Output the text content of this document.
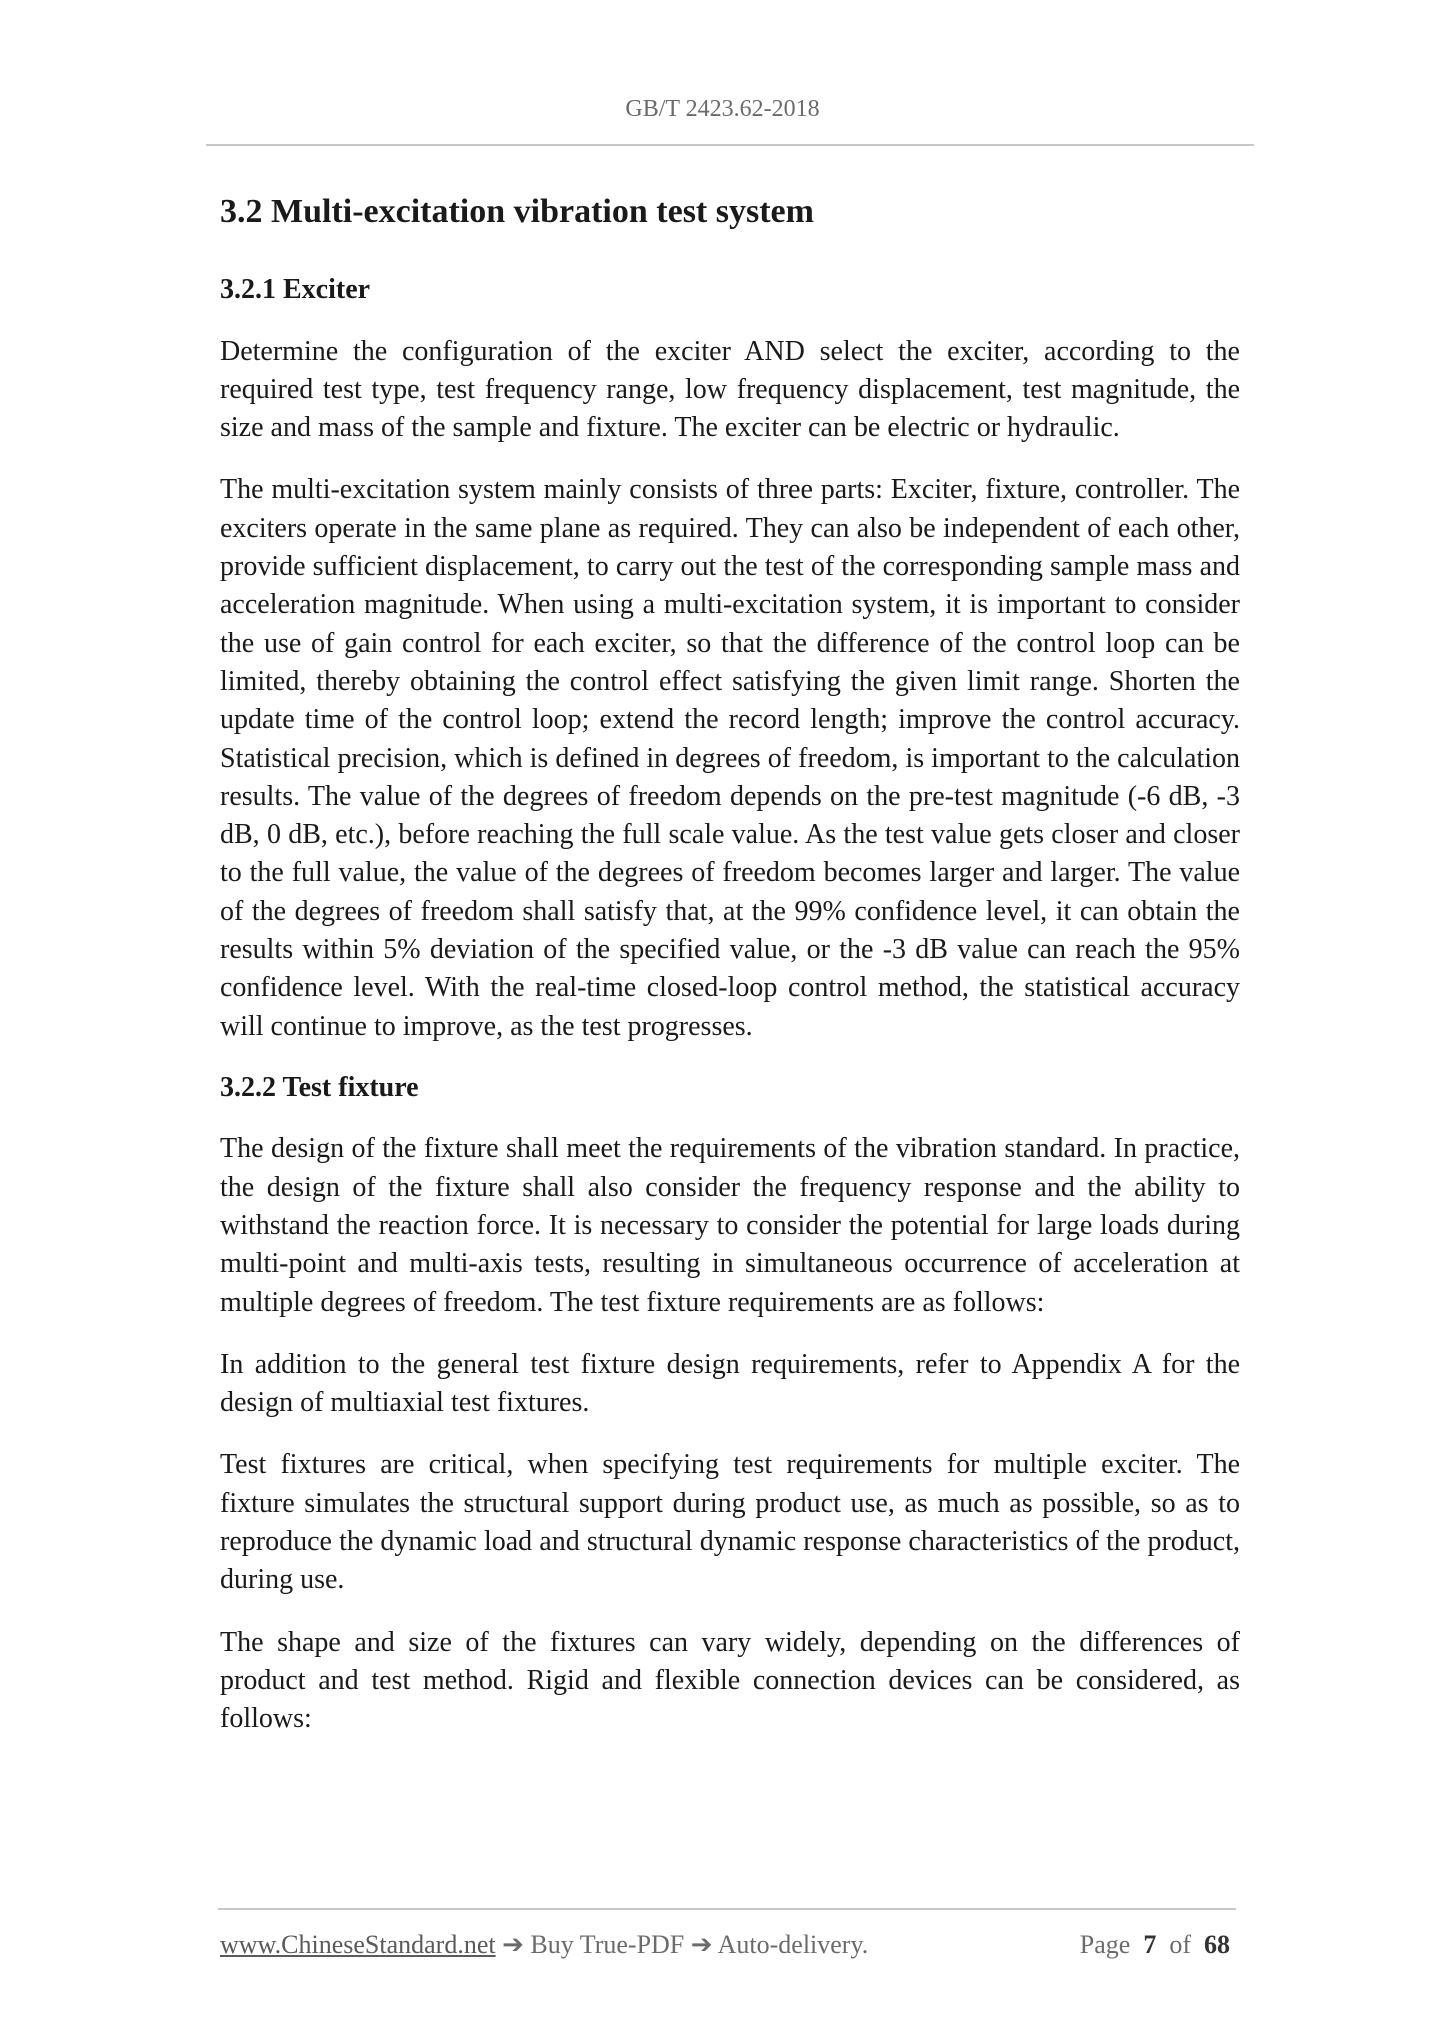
GB/T 2423.62-2018
3.2 Multi-excitation vibration test system
3.2.1 Exciter

Determine the configuration of the exciter AND select the exciter, according to the required test type, test frequency range, low frequency displacement, test magnitude, the size and mass of the sample and fixture. The exciter can be electric or hydraulic.

The multi-excitation system mainly consists of three parts: Exciter, fixture, controller. The exciters operate in the same plane as required. They can also be independent of each other, provide sufficient displacement, to carry out the test of the corresponding sample mass and acceleration magnitude. When using a multi-excitation system, it is important to consider the use of gain control for each exciter, so that the difference of the control loop can be limited, thereby obtaining the control effect satisfying the given limit range. Shorten the update time of the control loop; extend the record length; improve the control accuracy. Statistical precision, which is defined in degrees of freedom, is important to the calculation results. The value of the degrees of freedom depends on the pre-test magnitude (-6 dB, -3 dB, 0 dB, etc.), before reaching the full scale value. As the test value gets closer and closer to the full value, the value of the degrees of freedom becomes larger and larger. The value of the degrees of freedom shall satisfy that, at the 99% confidence level, it can obtain the results within 5% deviation of the specified value, or the -3 dB value can reach the 95% confidence level. With the real-time closed-loop control method, the statistical accuracy will continue to improve, as the test progresses.

3.2.2 Test fixture

The design of the fixture shall meet the requirements of the vibration standard. In practice, the design of the fixture shall also consider the frequency response and the ability to withstand the reaction force. It is necessary to consider the potential for large loads during multi-point and multi-axis tests, resulting in simultaneous occurrence of acceleration at multiple degrees of freedom. The test fixture requirements are as follows:

In addition to the general test fixture design requirements, refer to Appendix A for the design of multiaxial test fixtures.

Test fixtures are critical, when specifying test requirements for multiple exciter. The fixture simulates the structural support during product use, as much as possible, so as to reproduce the dynamic load and structural dynamic response characteristics of the product, during use.

The shape and size of the fixtures can vary widely, depending on the differences of product and test method. Rigid and flexible connection devices can be considered, as follows:

www.ChineseStandard.net ➔ Buy True-PDF ➔ Auto-delivery.	Page 7 of 68
